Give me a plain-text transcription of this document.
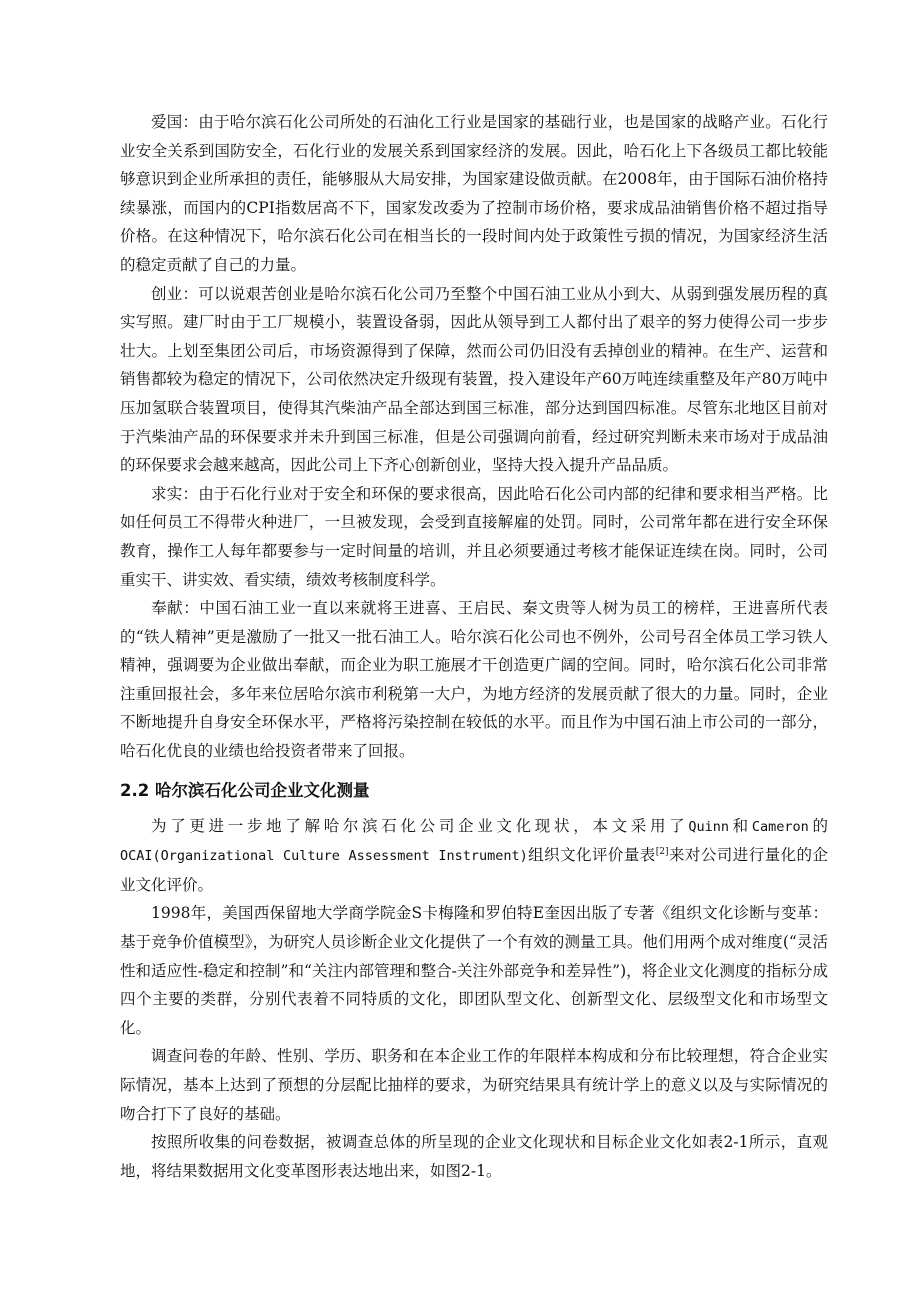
爱国：由于哈尔滨石化公司所处的石油化工行业是国家的基础行业，也是国家的战略产业。石化行业安全关系到国防安全，石化行业的发展关系到国家经济的发展。因此，哈石化上下各级员工都比较能够意识到企业所承担的责任，能够服从大局安排，为国家建设做贡献。在2008年，由于国际石油价格持续暴涨，而国内的CPI指数居高不下，国家发改委为了控制市场价格，要求成品油销售价格不超过指导价格。在这种情况下，哈尔滨石化公司在相当长的一段时间内处于政策性亏损的情况，为国家经济生活的稳定贡献了自己的力量。

创业：可以说艰苦创业是哈尔滨石化公司乃至整个中国石油工业从小到大、从弱到强发展历程的真实写照。建厂时由于工厂规模小，装置设备弱，因此从领导到工人都付出了艰辛的努力使得公司一步步壮大。上划至集团公司后，市场资源得到了保障，然而公司仍旧没有丢掉创业的精神。在生产、运营和销售都较为稳定的情况下，公司依然决定升级现有装置，投入建设年产60万吨连续重整及年产80万吨中压加氢联合装置项目，使得其汽柴油产品全部达到国三标准，部分达到国四标准。尽管东北地区目前对于汽柴油产品的环保要求并未升到国三标准，但是公司强调向前看，经过研究判断未来市场对于成品油的环保要求会越来越高，因此公司上下齐心创新创业，坚持大投入提升产品品质。

求实：由于石化行业对于安全和环保的要求很高，因此哈石化公司内部的纪律和要求相当严格。比如任何员工不得带火种进厂，一旦被发现，会受到直接解雇的处罚。同时，公司常年都在进行安全环保教育，操作工人每年都要参与一定时间量的培训，并且必须要通过考核才能保证连续在岗。同时，公司重实干、讲实效、看实绩，绩效考核制度科学。

奉献：中国石油工业一直以来就将王进喜、王启民、秦文贵等人树为员工的榜样，王进喜所代表的“铁人精神”更是激励了一批又一批石油工人。哈尔滨石化公司也不例外，公司号召全体员工学习铁人精神，强调要为企业做出奉献，而企业为职工施展才干创造更广阔的空间。同时，哈尔滨石化公司非常注重回报社会，多年来位居哈尔滨市利税第一大户，为地方经济的发展贡献了很大的力量。同时，企业不断地提升自身安全环保水平，严格将污染控制在较低的水平。而且作为中国石油上市公司的一部分，哈石化优良的业绩也给投资者带来了回报。

2.2 哈尔滨石化公司企业文化测量

为了更进一步地了解哈尔滨石化公司企业文化现状，本文采用了Quinn和Cameron的OCAI(Organizational Culture Assessment Instrument)组织文化评价量表[2]来对公司进行量化的企业文化评价。

1998年，美国西保留地大学商学院金S卡梅隆和罗伯特E奎因出版了专著《组织文化诊断与变革：基于竞争价值模型》，为研究人员诊断企业文化提供了一个有效的测量工具。他们用两个成对维度(“灵活性和适应性-稳定和控制”和“关注内部管理和整合-关注外部竞争和差异性”)，将企业文化测度的指标分成四个主要的类群，分别代表着不同特质的文化，即团队型文化、创新型文化、层级型文化和市场型文化。

调查问卷的年龄、性别、学历、职务和在本企业工作的年限样本构成和分布比较理想，符合企业实际情况，基本上达到了预想的分层配比抽样的要求，为研究结果具有统计学上的意义以及与实际情况的吻合打下了良好的基础。

按照所收集的问卷数据，被调查总体的所呈现的企业文化现状和目标企业文化如表2-1所示，直观地，将结果数据用文化变革图形表达地出来，如图2-1。
